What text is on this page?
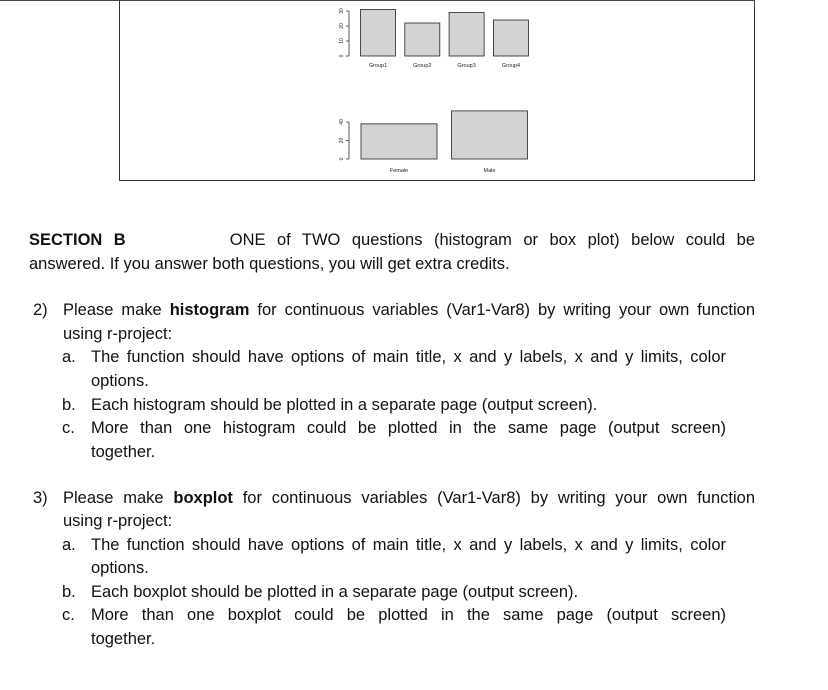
0
10
20
30
Group1	Group2	Group3	Group4
0
20
40
Female	Male
SECTION B	ONE of TWO questions (histogram or box plot) below could be
answered. If you answer both questions, you will get extra credits.
2) Please make histogram for continuous variables (Var1-Var8) by writing your own function
using r-project:
a. The function should have options of main title, x and y labels, x and y limits, color
options.
b. Each histogram should be plotted in a separate page (output screen).
c. More than one histogram could be plotted in the same page (output screen)
together.
3) Please make boxplot for continuous variables (Var1-Var8) by writing your own function
using r-project:
a. The function should have options of main title, x and y labels, x and y limits, color
options.
b. Each boxplot should be plotted in a separate page (output screen).
c. More than one boxplot could be plotted in the same page (output screen)
together.
